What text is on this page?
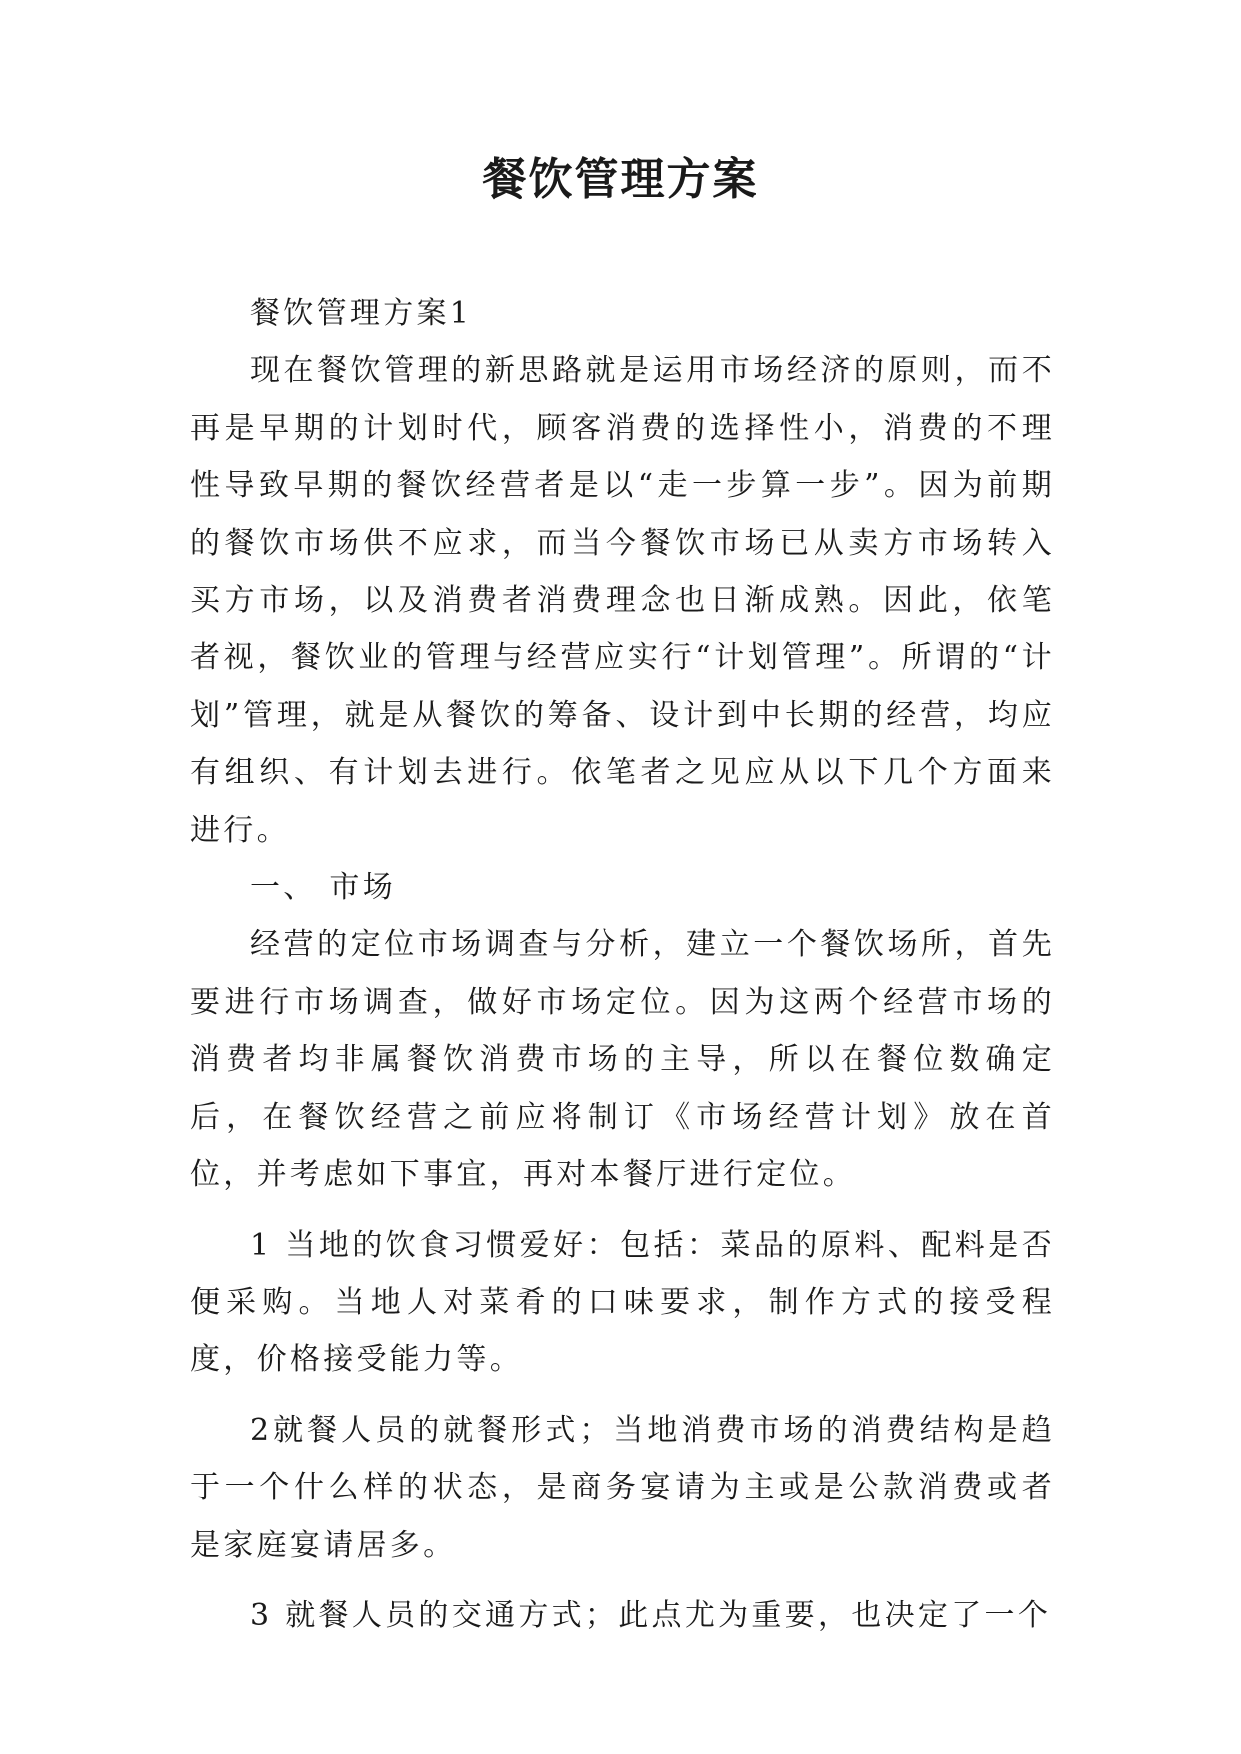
餐饮管理方案

餐饮管理方案1

现在餐饮管理的新思路就是运用市场经济的原则，而不再是早期的计划时代，顾客消费的选择性小，消费的不理性导致早期的餐饮经营者是以“走一步算一步”。因为前期的餐饮市场供不应求，而当今餐饮市场已从卖方市场转入买方市场，以及消费者消费理念也日渐成熟。因此，依笔者视，餐饮业的管理与经营应实行“计划管理”。所谓的“计划”管理，就是从餐饮的筹备、设计到中长期的经营，均应有组织、有计划去进行。依笔者之见应从以下几个方面来进行。

一、 市场

经营的定位市场调查与分析，建立一个餐饮场所，首先要进行市场调查，做好市场定位。因为这两个经营市场的消费者均非属餐饮消费市场的主导，所以在餐位数确定后，在餐饮经营之前应将制订《市场经营计划》放在首位，并考虑如下事宜，再对本餐厅进行定位。

1 当地的饮食习惯爱好：包括：菜品的原料、配料是否便采购。当地人对菜肴的口味要求，制作方式的接受程度，价格接受能力等。

2就餐人员的就餐形式；当地消费市场的消费结构是趋于一个什么样的状态，是商务宴请为主或是公款消费或者是家庭宴请居多。

3 就餐人员的交通方式；此点尤为重要，也决定了一个
